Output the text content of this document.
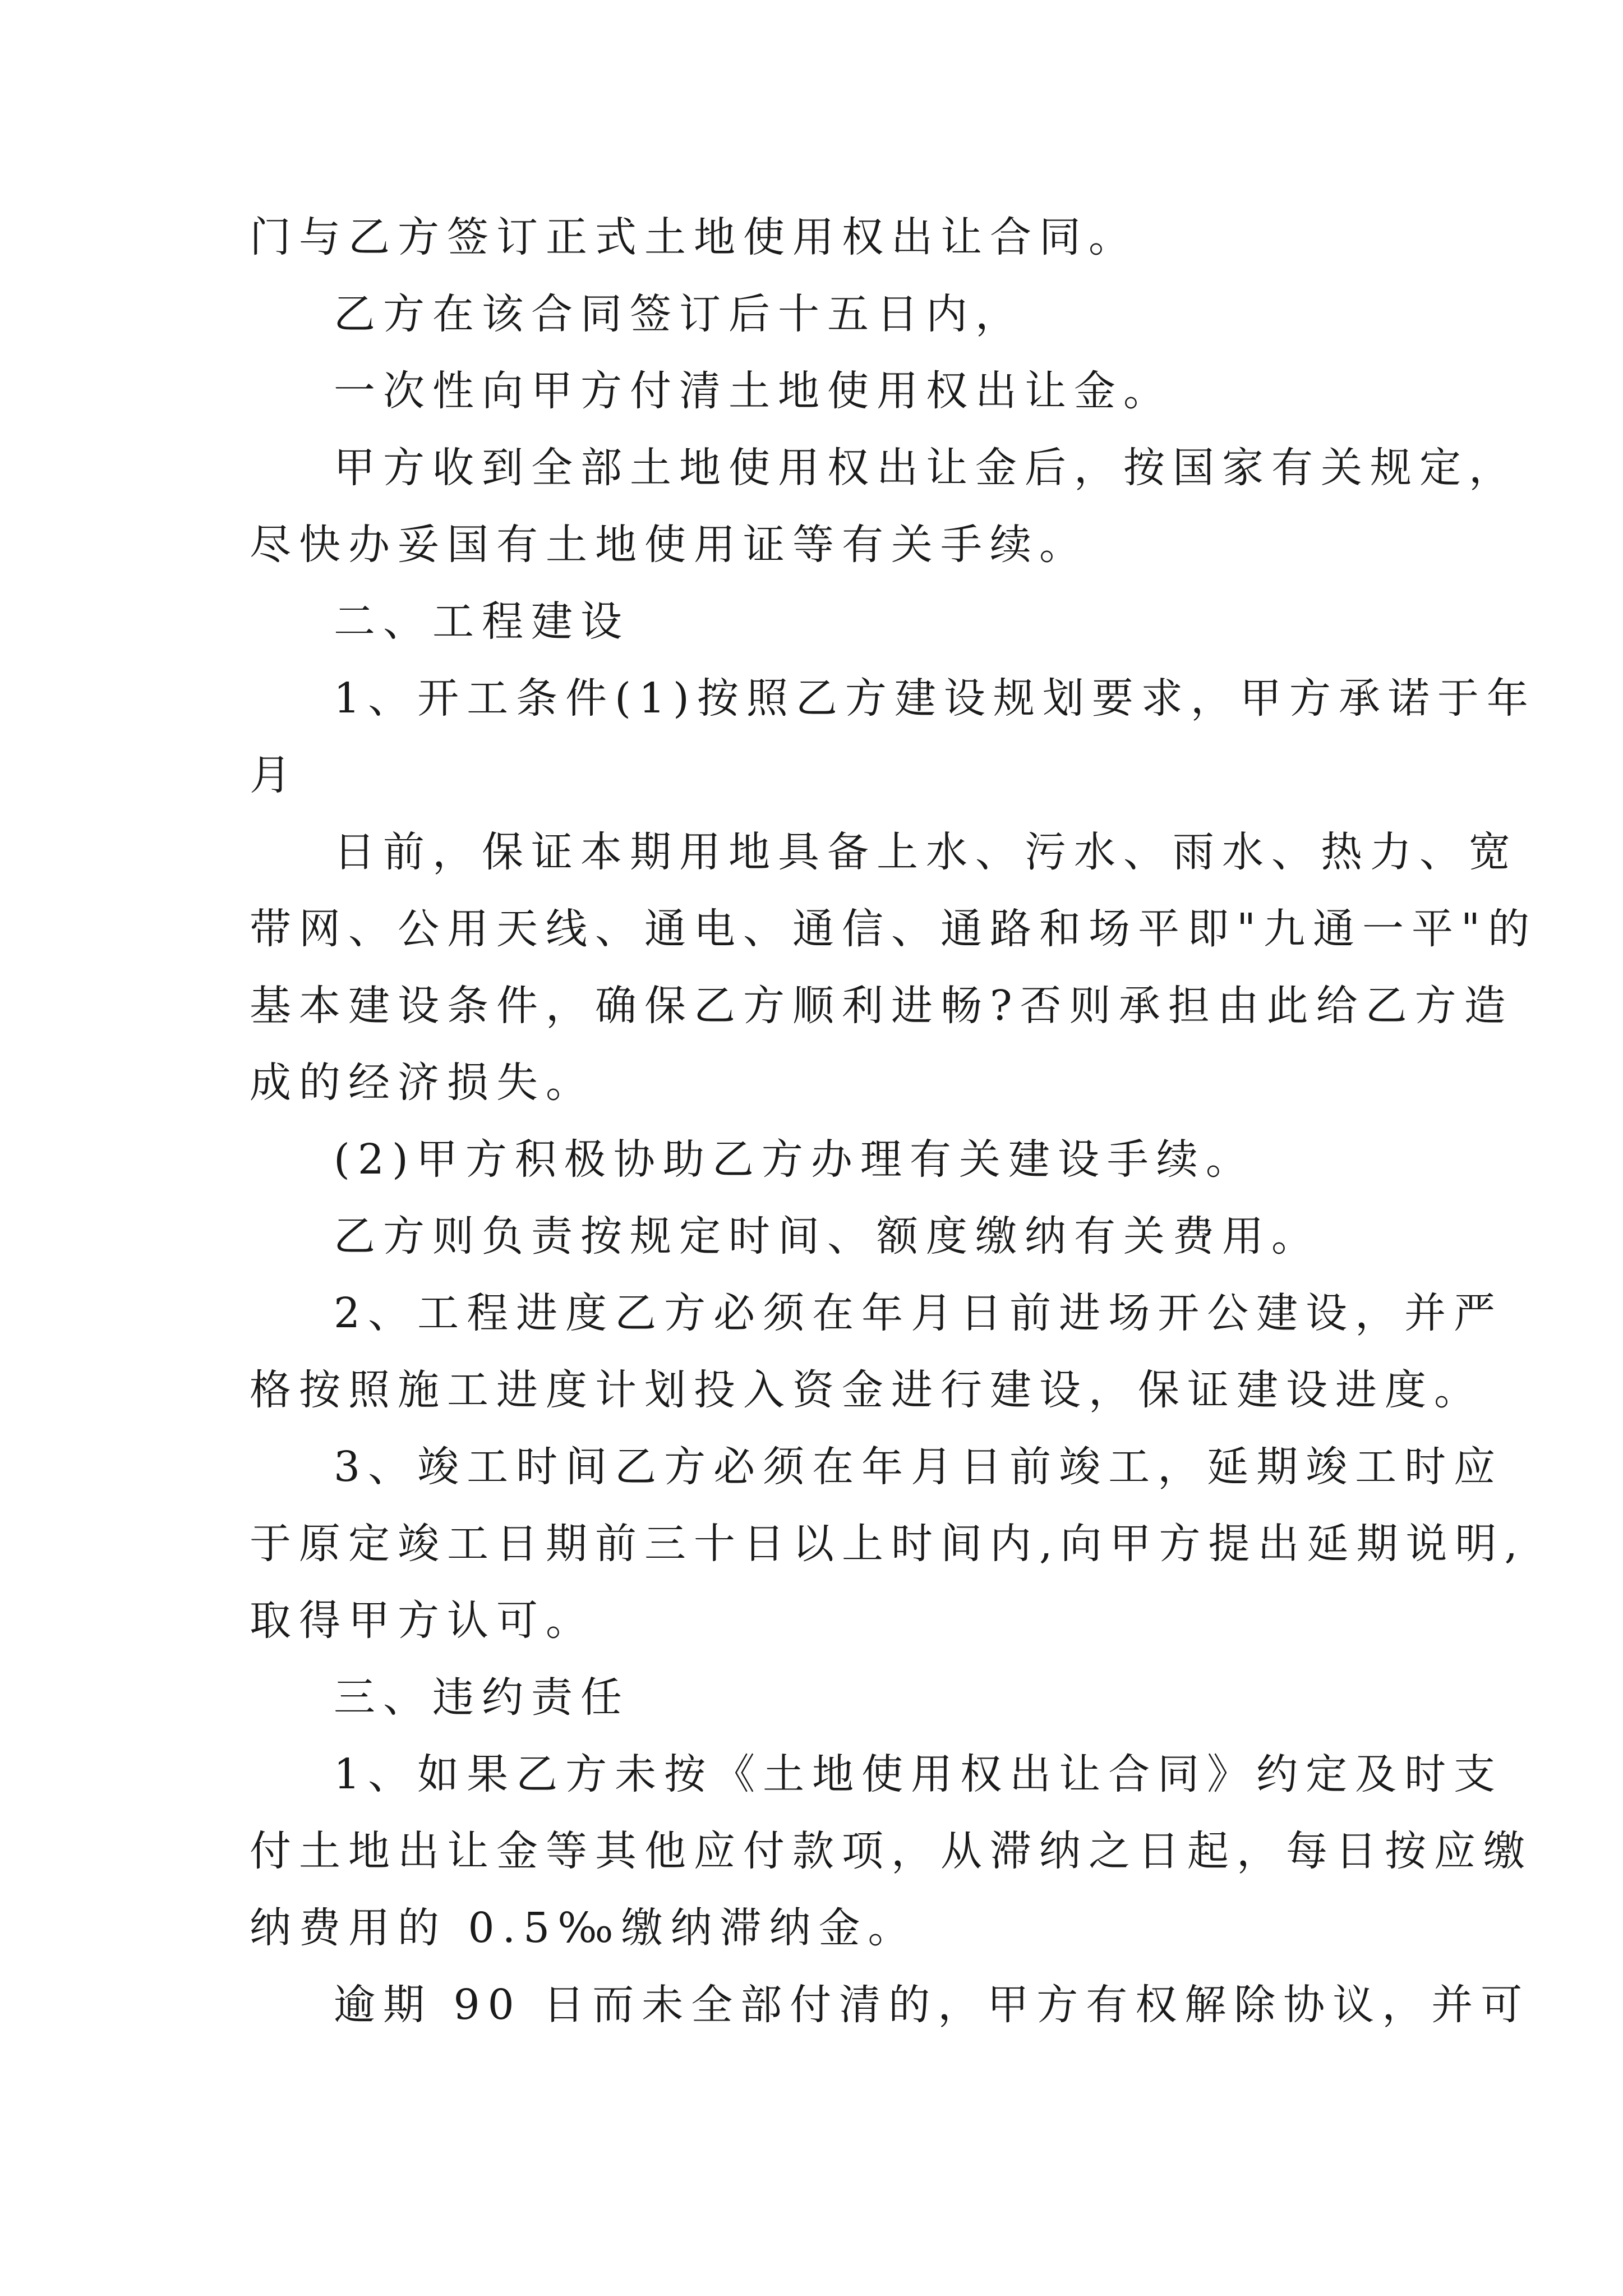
门与乙方签订正式土地使用权出让合同。

乙方在该合同签订后十五日内，

一次性向甲方付清土地使用权出让金。

甲方收到全部土地使用权出让金后，按国家有关规定，

尽快办妥国有土地使用证等有关手续。

二、工程建设

1、开工条件(1)按照乙方建设规划要求，甲方承诺于年

月

日前，保证本期用地具备上水、污水、雨水、热力、宽

带网、公用天线、通电、通信、通路和场平即"九通一平"的

基本建设条件，确保乙方顺利进畅?否则承担由此给乙方造

成的经济损失。

(2)甲方积极协助乙方办理有关建设手续。

乙方则负责按规定时间、额度缴纳有关费用。

2、工程进度乙方必须在年月日前进场开公建设，并严

格按照施工进度计划投入资金进行建设，保证建设进度。

3、竣工时间乙方必须在年月日前竣工，延期竣工时应

于原定竣工日期前三十日以上时间内,向甲方提出延期说明,

取得甲方认可。

三、违约责任

1、如果乙方未按《土地使用权出让合同》约定及时支

付土地出让金等其他应付款项，从滞纳之日起，每日按应缴

纳费用的 0.5‰缴纳滞纳金。

逾期 90 日而未全部付清的，甲方有权解除协议，并可
